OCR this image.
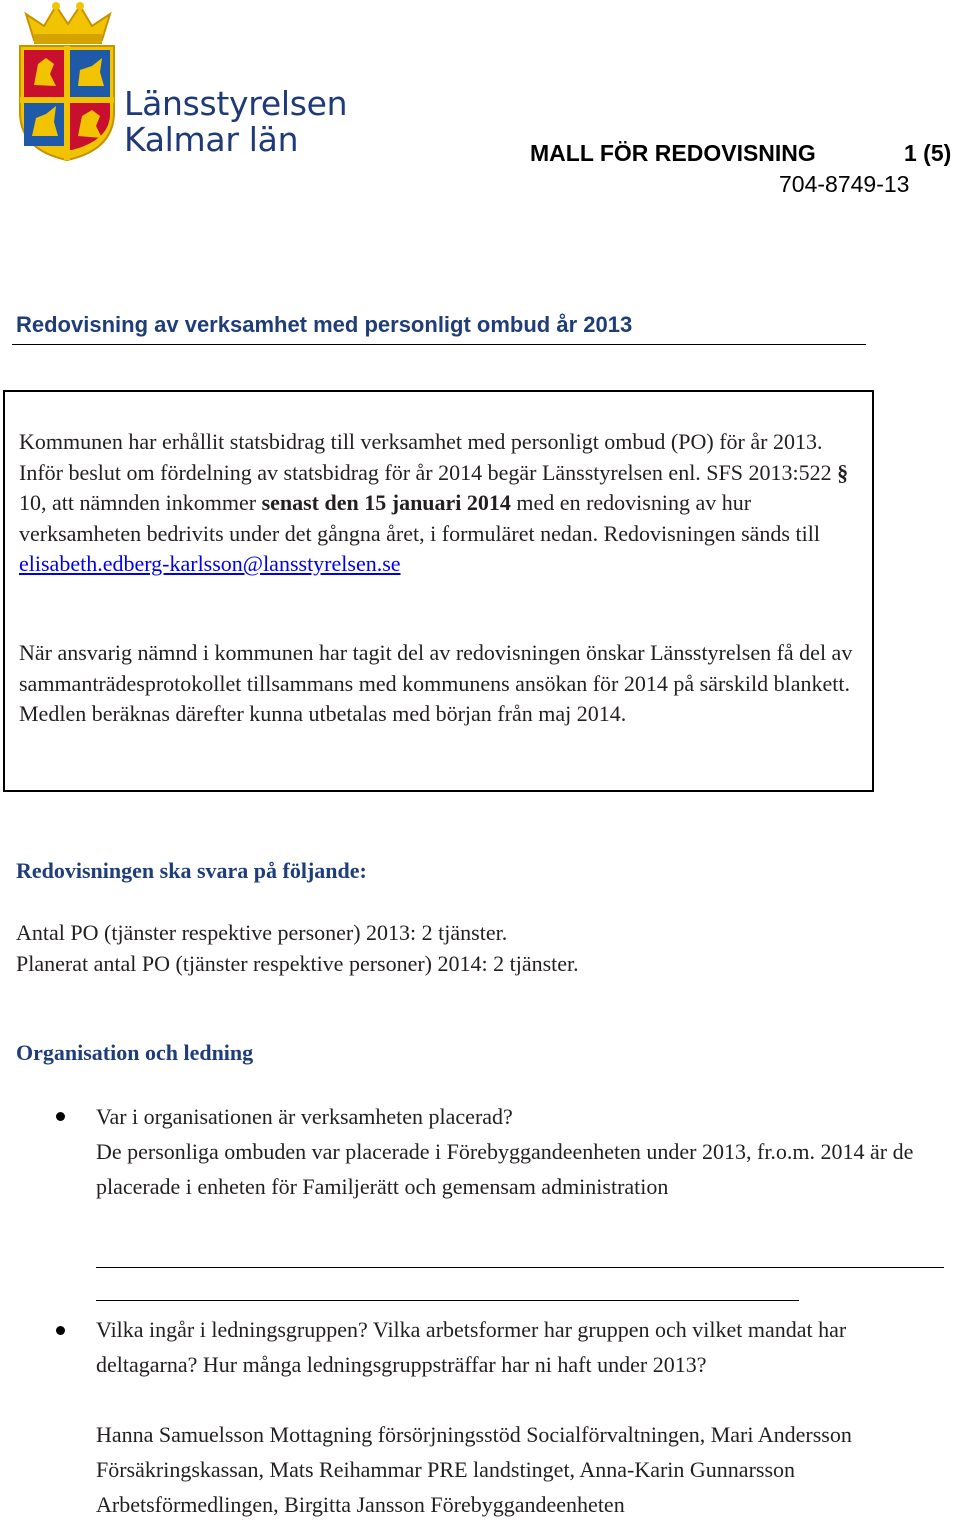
Länsstyrelsen
Kalmar län	MALL FÖR REDOVISNING	1 (5)
704-8749-13
Redovisning av verksamhet med personligt ombud år 2013

Kommunen har erhållit statsbidrag till verksamhet med personligt ombud (PO) för år 2013. Inför beslut om fördelning av statsbidrag för år 2014 begär Länsstyrelsen enl. SFS 2013:522 § 10, att nämnden inkommer senast den 15 januari 2014 med en redovisning av hur verksamheten bedrivits under det gångna året, i formuläret nedan. Redovisningen sänds till elisabeth.edberg-karlsson@lansstyrelsen.se

När ansvarig nämnd i kommunen har tagit del av redovisningen önskar Länsstyrelsen få del av sammanträdesprotokollet tillsammans med kommunens ansökan för 2014 på särskild blankett. Medlen beräknas därefter kunna utbetalas med början från maj 2014.

Redovisningen ska svara på följande:
Antal PO (tjänster respektive personer) 2013: 2 tjänster.
Planerat antal PO (tjänster respektive personer) 2014: 2 tjänster.
Organisation och ledning
Var i organisationen är verksamheten placerad?
De personliga ombuden var placerade i Förebyggandeenheten under 2013, fr.o.m. 2014 är de placerade i enheten för Familjerätt och gemensam administration
Vilka ingår i ledningsgruppen? Vilka arbetsformer har gruppen och vilket mandat har deltagarna? Hur många ledningsgruppsträffar har ni haft under 2013?
Hanna Samuelsson Mottagning försörjningsstöd Socialförvaltningen, Mari Andersson Försäkringskassan, Mats Reihammar PRE landstinget, Anna-Karin Gunnarsson Arbetsförmedlingen, Birgitta Jansson Förebyggandeenheten
